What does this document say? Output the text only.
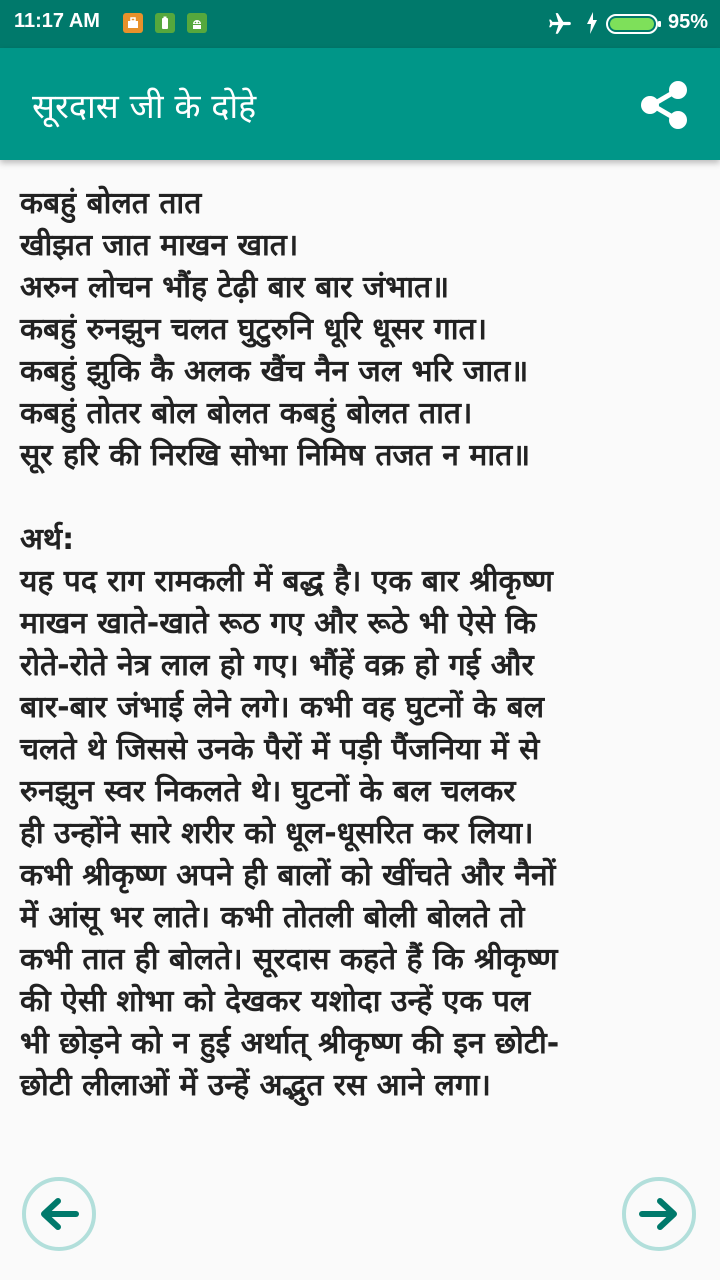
11:17 AM	95%
सूरदास जी के दोहे
कबहुं बोलत तात
खीझत जात माखन खात।
अरुन लोचन भौंह टेढ़ी बार बार जंभात॥
कबहुं रुनझुन चलत घुटुरुनि धूरि धूसर गात।
कबहुं झुकि कै अलक खैंच नैन जल भरि जात॥
कबहुं तोतर बोल बोलत कबहुं बोलत तात।
सूर हरि की निरखि सोभा निमिष तजत न मात॥
अर्थ:
यह पद राग रामकली में बद्ध है। एक बार श्रीकृष्ण
माखन खाते-खाते रूठ गए और रूठे भी ऐसे कि
रोते-रोते नेत्र लाल हो गए। भौंहें वक्र हो गई और
बार-बार जंभाई लेने लगे। कभी वह घुटनों के बल
चलते थे जिससे उनके पैरों में पड़ी पैंजनिया में से
रुनझुन स्वर निकलते थे। घुटनों के बल चलकर
ही उन्होंने सारे शरीर को धूल-धूसरित कर लिया।
कभी श्रीकृष्ण अपने ही बालों को खींचते और नैनों
में आंसू भर लाते। कभी तोतली बोली बोलते तो
कभी तात ही बोलते। सूरदास कहते हैं कि श्रीकृष्ण
की ऐसी शोभा को देखकर यशोदा उन्हें एक पल
भी छोड़ने को न हुई अर्थात् श्रीकृष्ण की इन छोटी-
छोटी लीलाओं में उन्हें अद्भुत रस आने लगा।
